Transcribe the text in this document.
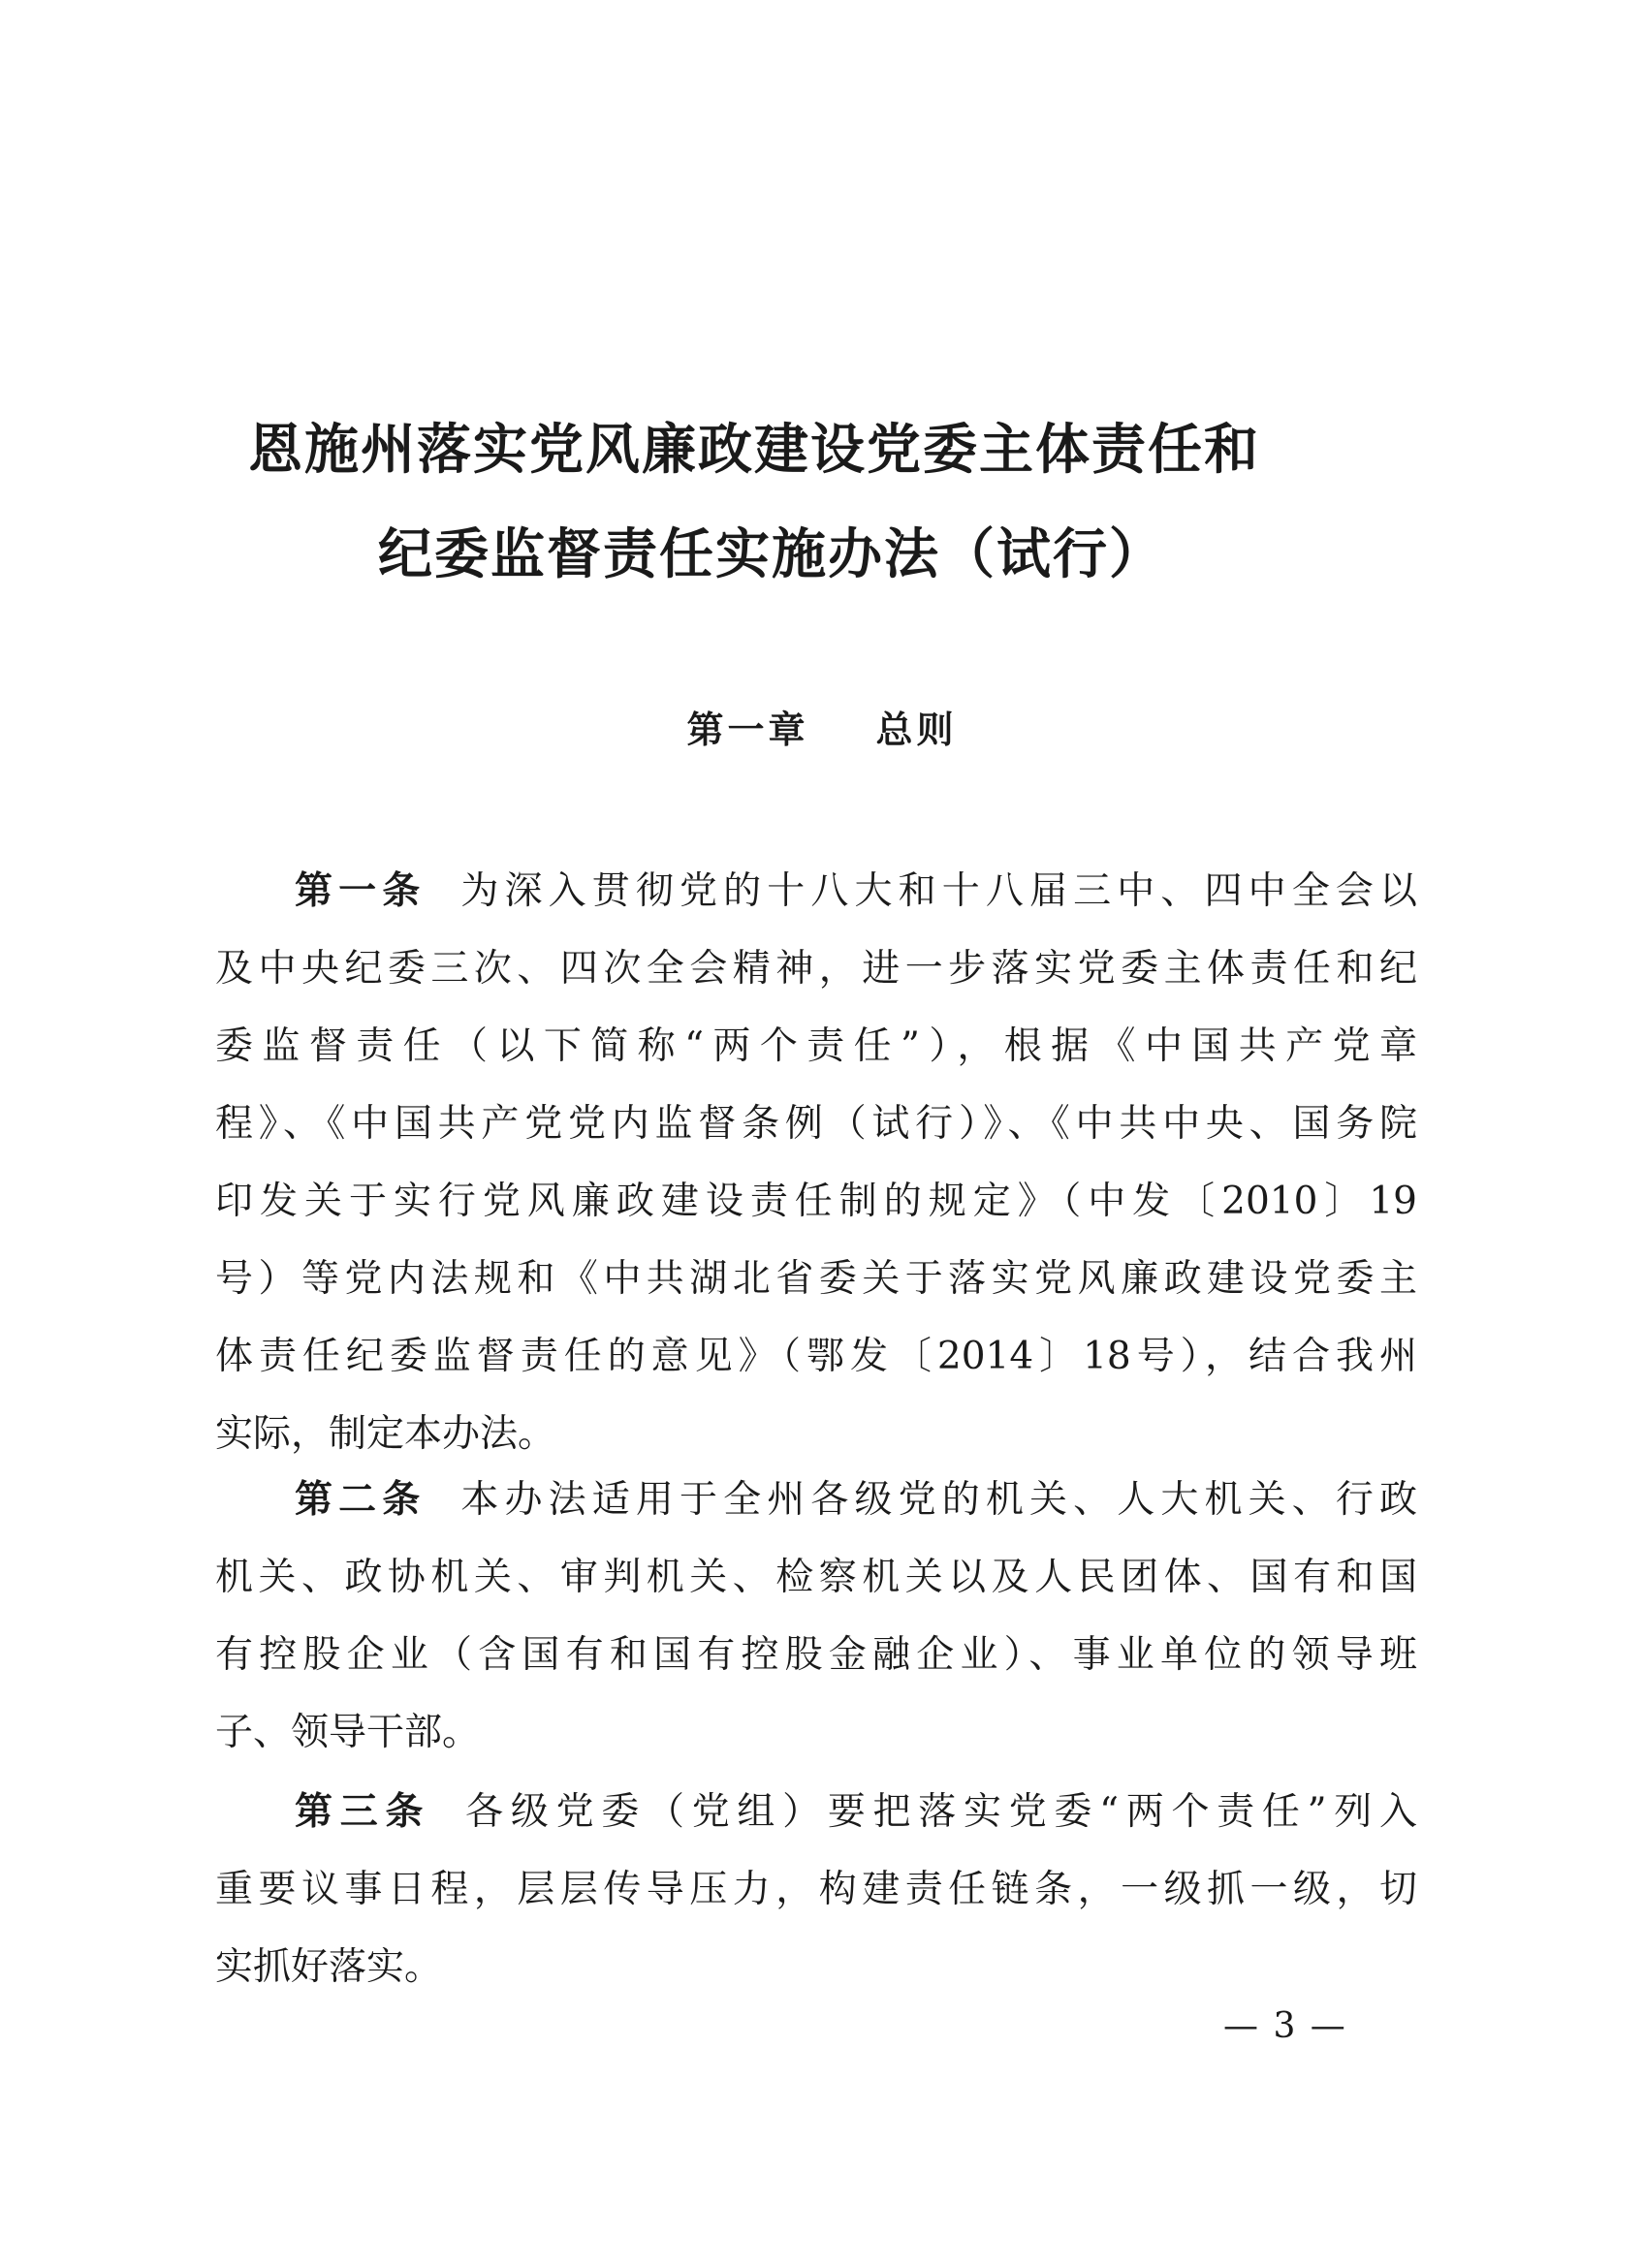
恩施州落实党风廉政建设党委主体责任和
纪委监督责任实施办法（试行）
第一章 总则
第一条 为深入贯彻党的十八大和十八届三中、四中全会以
及中央纪委三次、四次全会精神，进一步落实党委主体责任和纪
委监督责任（以下简称“两个责任”），根据《中国共产党章
程》、《中国共产党党内监督条例（试行）》、《中共中央、国务院
印发关于实行党风廉政建设责任制的规定》（中发〔2010〕19
号）等党内法规和《中共湖北省委关于落实党风廉政建设党委主
体责任纪委监督责任的意见》（鄂发〔2014〕18号），结合我州
实际，制定本办法。
第二条 本办法适用于全州各级党的机关、人大机关、行政
机关、政协机关、审判机关、检察机关以及人民团体、国有和国
有控股企业（含国有和国有控股金融企业）、事业单位的领导班
子、领导干部。
第三条 各级党委（党组）要把落实党委“两个责任”列入
重要议事日程，层层传导压力，构建责任链条，一级抓一级，切
实抓好落实。
— 3 —
